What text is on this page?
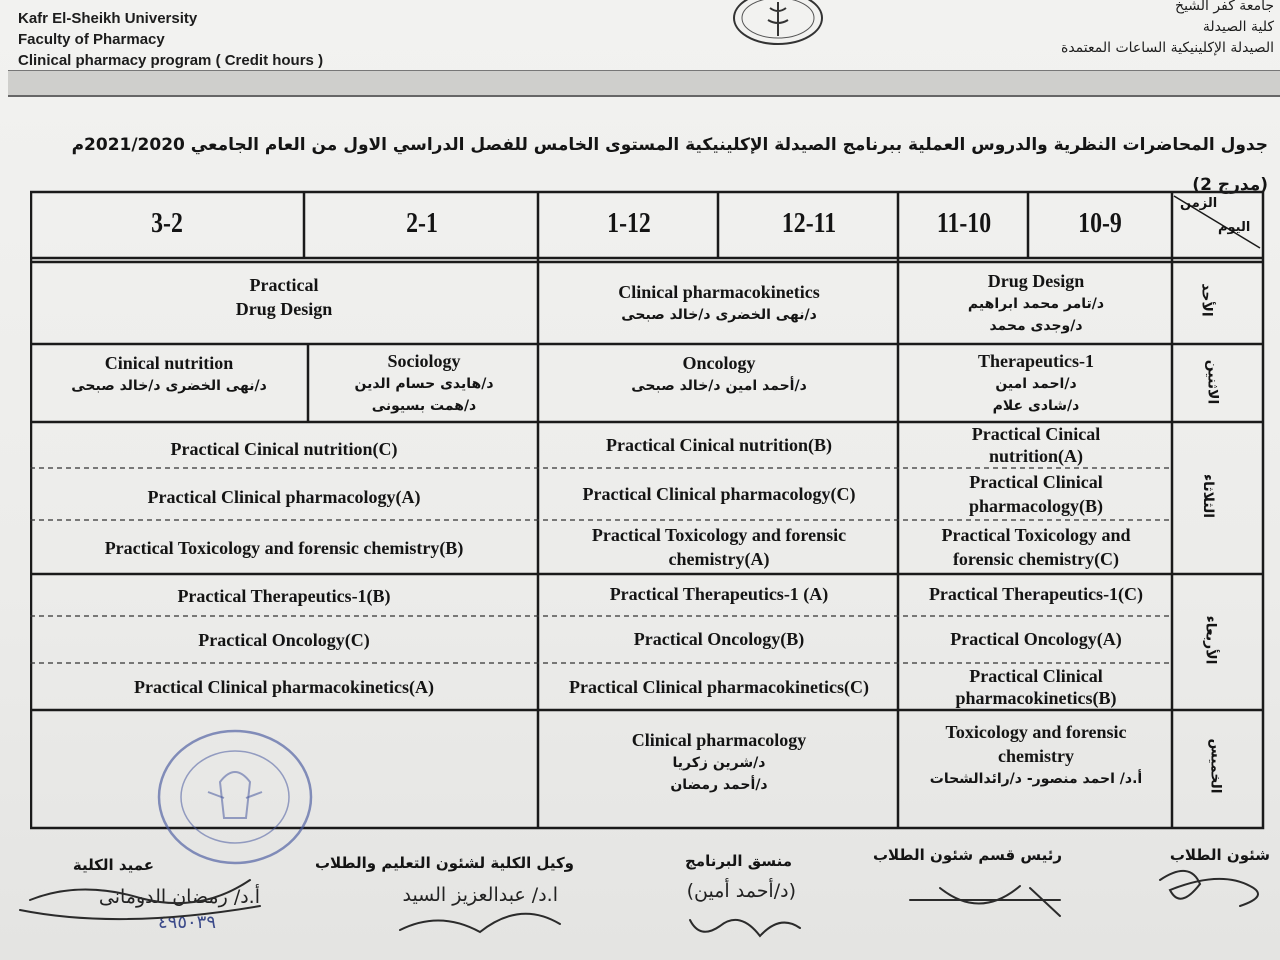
Kafr El-Sheikh University
Faculty of Pharmacy
Clinical pharmacy program ( Credit hours )
جامعة كفر الشيخ
كلية الصيدلة
الصيدلة الإكلينيكية الساعات المعتمدة
جدول المحاضرات النظرية والدروس العملية ببرنامج الصيدلة الإكلينيكية المستوى الخامس للفصل الدراسي الاول من العام الجامعي 2021/2020م (مدرج 2)
الزمن
اليوم
10-9
11-10
12-11
1-12
2-1
3-2
الأحد
الاثنين
الثلاثاء
الأربعاء
الخميس
Drug Design
د/تامر محمد ابراهيم
د/وجدى محمد
Clinical pharmacokinetics
د/نهى الخضرى د/خالد صبحى
Practical
Drug Design
Therapeutics-1
د/احمد امين
د/شادى علام
Oncology
د/أحمد امين د/خالد صبحى
Sociology
د/هايدى حسام الدين
د/همت بسيونى
Cinical nutrition
د/نهى الخضرى د/خالد صبحى
Practical Cinical
nutrition(A)
Practical Clinical
pharmacology(B)
Practical Toxicology and
forensic chemistry(C)
Practical Cinical nutrition(B)
Practical Clinical pharmacology(C)
Practical Toxicology and forensic
chemistry(A)
Practical Cinical nutrition(C)
Practical Clinical pharmacology(A)
Practical Toxicology and forensic chemistry(B)
Practical Therapeutics-1(C)
Practical Oncology(A)
Practical Clinical
pharmacokinetics(B)
Practical Therapeutics-1 (A)
Practical Oncology(B)
Practical Clinical pharmacokinetics(C)
Practical Therapeutics-1(B)
Practical Oncology(C)
Practical Clinical pharmacokinetics(A)
Toxicology and forensic
chemistry
أ.د/ احمد منصور- د/رائدالشحات
Clinical pharmacology
د/شرين زكريا
د/أحمد رمضان
شئون الطلاب
رئيس قسم شئون الطلاب
منسق البرنامج
(د/أحمد أمين)
وكيل الكلية لشئون التعليم والطلاب
ا.د/ عبدالعزيز السيد
عميد الكلية
أ.د/ رمضان الدومانى
٤٩٥٠٣٩
